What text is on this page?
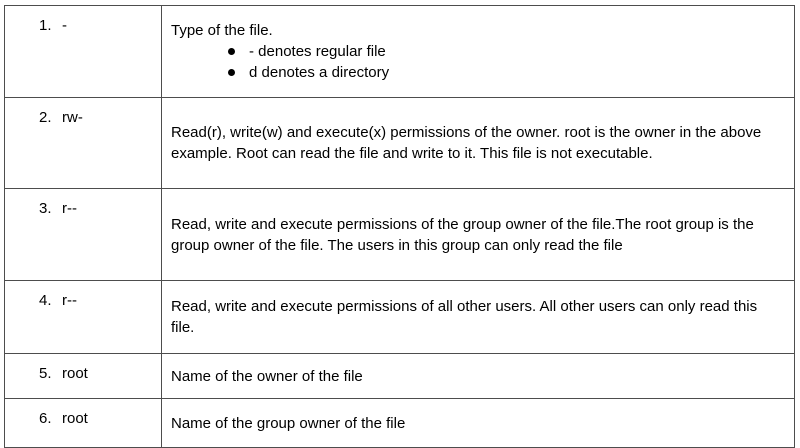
1. -	Type of the file.
- denotes regular file
d denotes a directory

2. rw-	Read(r), write(w) and execute(x) permissions of the owner. root is the owner in the above example. Root can read the file and write to it. This file is not executable.

3. r--	Read, write and execute permissions of the group owner of the file.The root group is the group owner of the file. The users in this group can only read the file

4. r--	Read, write and execute permissions of all other users. All other users can only read this file.

5. root	Name of the owner of the file

6. root	Name of the group owner of the file
